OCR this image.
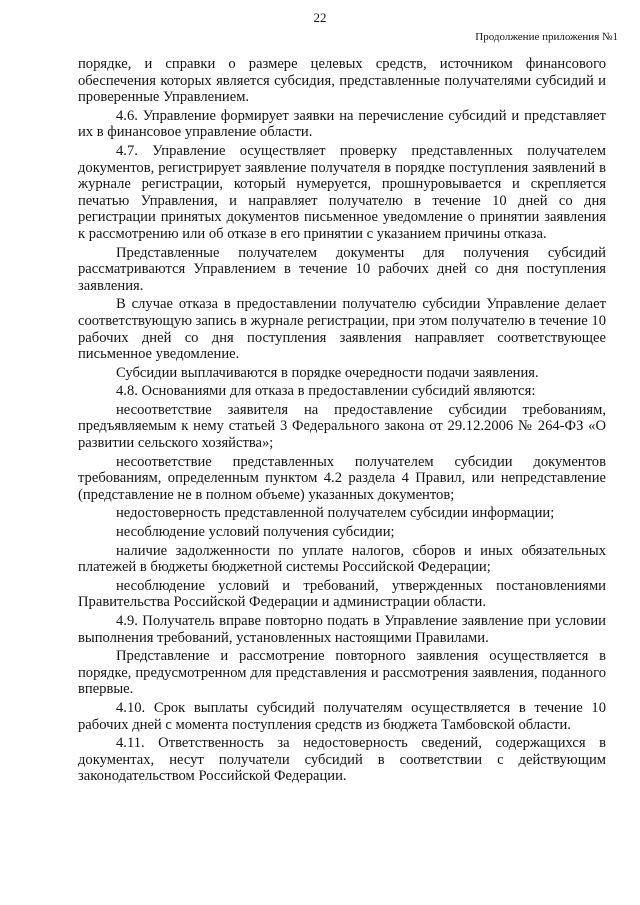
22
Продолжение приложения №1

порядке, и справки о размере целевых средств, источником финансового обеспечения которых является субсидия, представленные получателями субсидий и проверенные Управлением.

4.6. Управление формирует заявки на перечисление субсидий и представляет их в финансовое управление области.

4.7. Управление осуществляет проверку представленных получателем документов, регистрирует заявление получателя в порядке поступления заявлений в журнале регистрации, который нумеруется, прошнуровывается и скрепляется печатью Управления, и направляет получателю в течение 10 дней со дня регистрации принятых документов письменное уведомление о принятии заявления к рассмотрению или об отказе в его принятии с указанием причины отказа.

Представленные получателем документы для получения субсидий рассматриваются Управлением в течение 10 рабочих дней со дня поступления заявления.

В случае отказа в предоставлении получателю субсидии Управление делает соответствующую запись в журнале регистрации, при этом получателю в течение 10 рабочих дней со дня поступления заявления направляет соответствующее письменное уведомление.

Субсидии выплачиваются в порядке очередности подачи заявления.

4.8. Основаниями для отказа в предоставлении субсидий являются:

несоответствие заявителя на предоставление субсидии требованиям, предъявляемым к нему статьей 3 Федерального закона от 29.12.2006 № 264-ФЗ «О развитии сельского хозяйства»;

несоответствие представленных получателем субсидии документов требованиям, определенным пунктом 4.2 раздела 4 Правил, или непредставление (представление не в полном объеме) указанных документов;

недостоверность представленной получателем субсидии информации;

несоблюдение условий получения субсидии;

наличие задолженности по уплате налогов, сборов и иных обязательных платежей в бюджеты бюджетной системы Российской Федерации;

несоблюдение условий и требований, утвержденных постановлениями Правительства Российской Федерации и администрации области.

4.9. Получатель вправе повторно подать в Управление заявление при условии выполнения требований, установленных настоящими Правилами.

Представление и рассмотрение повторного заявления осуществляется в порядке, предусмотренном для представления и рассмотрения заявления, поданного впервые.

4.10. Срок выплаты субсидий получателям осуществляется в течение 10 рабочих дней с момента поступления средств из бюджета Тамбовской области.

4.11. Ответственность за недостоверность сведений, содержащихся в документах, несут получатели субсидий в соответствии с действующим законодательством Российской Федерации.
